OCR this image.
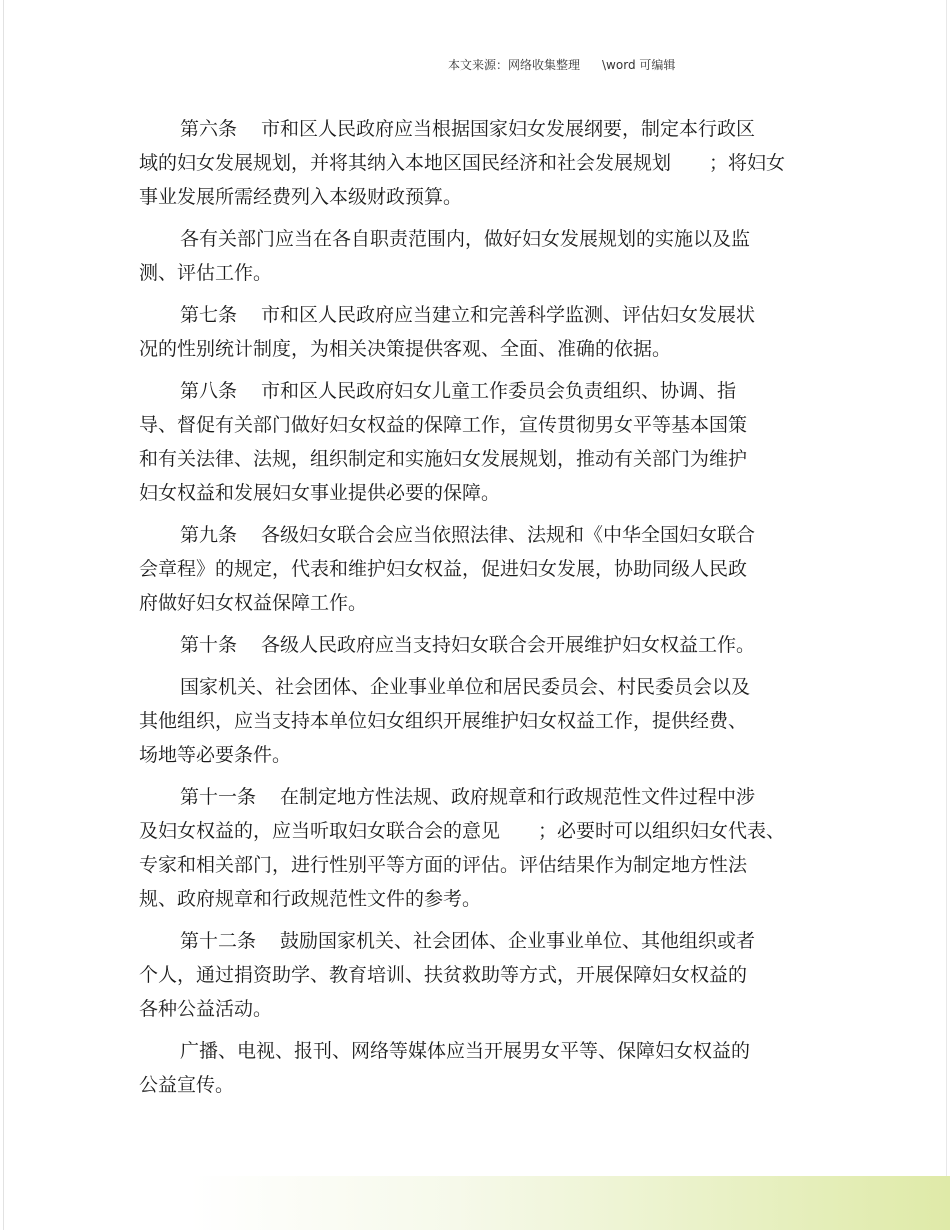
本文来源：网络收集整理 \word 可编辑

第六条 市和区人民政府应当根据国家妇女发展纲要，制定本行政区
域的妇女发展规划，并将其纳入本地区国民经济和社会发展规划　　；将妇女
事业发展所需经费列入本级财政预算。

各有关部门应当在各自职责范围内，做好妇女发展规划的实施以及监
测、评估工作。

第七条 市和区人民政府应当建立和完善科学监测、评估妇女发展状
况的性别统计制度，为相关决策提供客观、全面、准确的依据。

第八条 市和区人民政府妇女儿童工作委员会负责组织、协调、指
导、督促有关部门做好妇女权益的保障工作，宣传贯彻男女平等基本国策
和有关法律、法规，组织制定和实施妇女发展规划，推动有关部门为维护
妇女权益和发展妇女事业提供必要的保障。

第九条 各级妇女联合会应当依照法律、法规和《中华全国妇女联合
会章程》的规定，代表和维护妇女权益，促进妇女发展，协助同级人民政
府做好妇女权益保障工作。

第十条 各级人民政府应当支持妇女联合会开展维护妇女权益工作。

国家机关、社会团体、企业事业单位和居民委员会、村民委员会以及
其他组织，应当支持本单位妇女组织开展维护妇女权益工作，提供经费、
场地等必要条件。

第十一条 在制定地方性法规、政府规章和行政规范性文件过程中涉
及妇女权益的，应当听取妇女联合会的意见　　；必要时可以组织妇女代表、
专家和相关部门，进行性别平等方面的评估。评估结果作为制定地方性法
规、政府规章和行政规范性文件的参考。

第十二条 鼓励国家机关、社会团体、企业事业单位、其他组织或者
个人，通过捐资助学、教育培训、扶贫救助等方式，开展保障妇女权益的
各种公益活动。

广播、电视、报刊、网络等媒体应当开展男女平等、保障妇女权益的
公益宣传。
